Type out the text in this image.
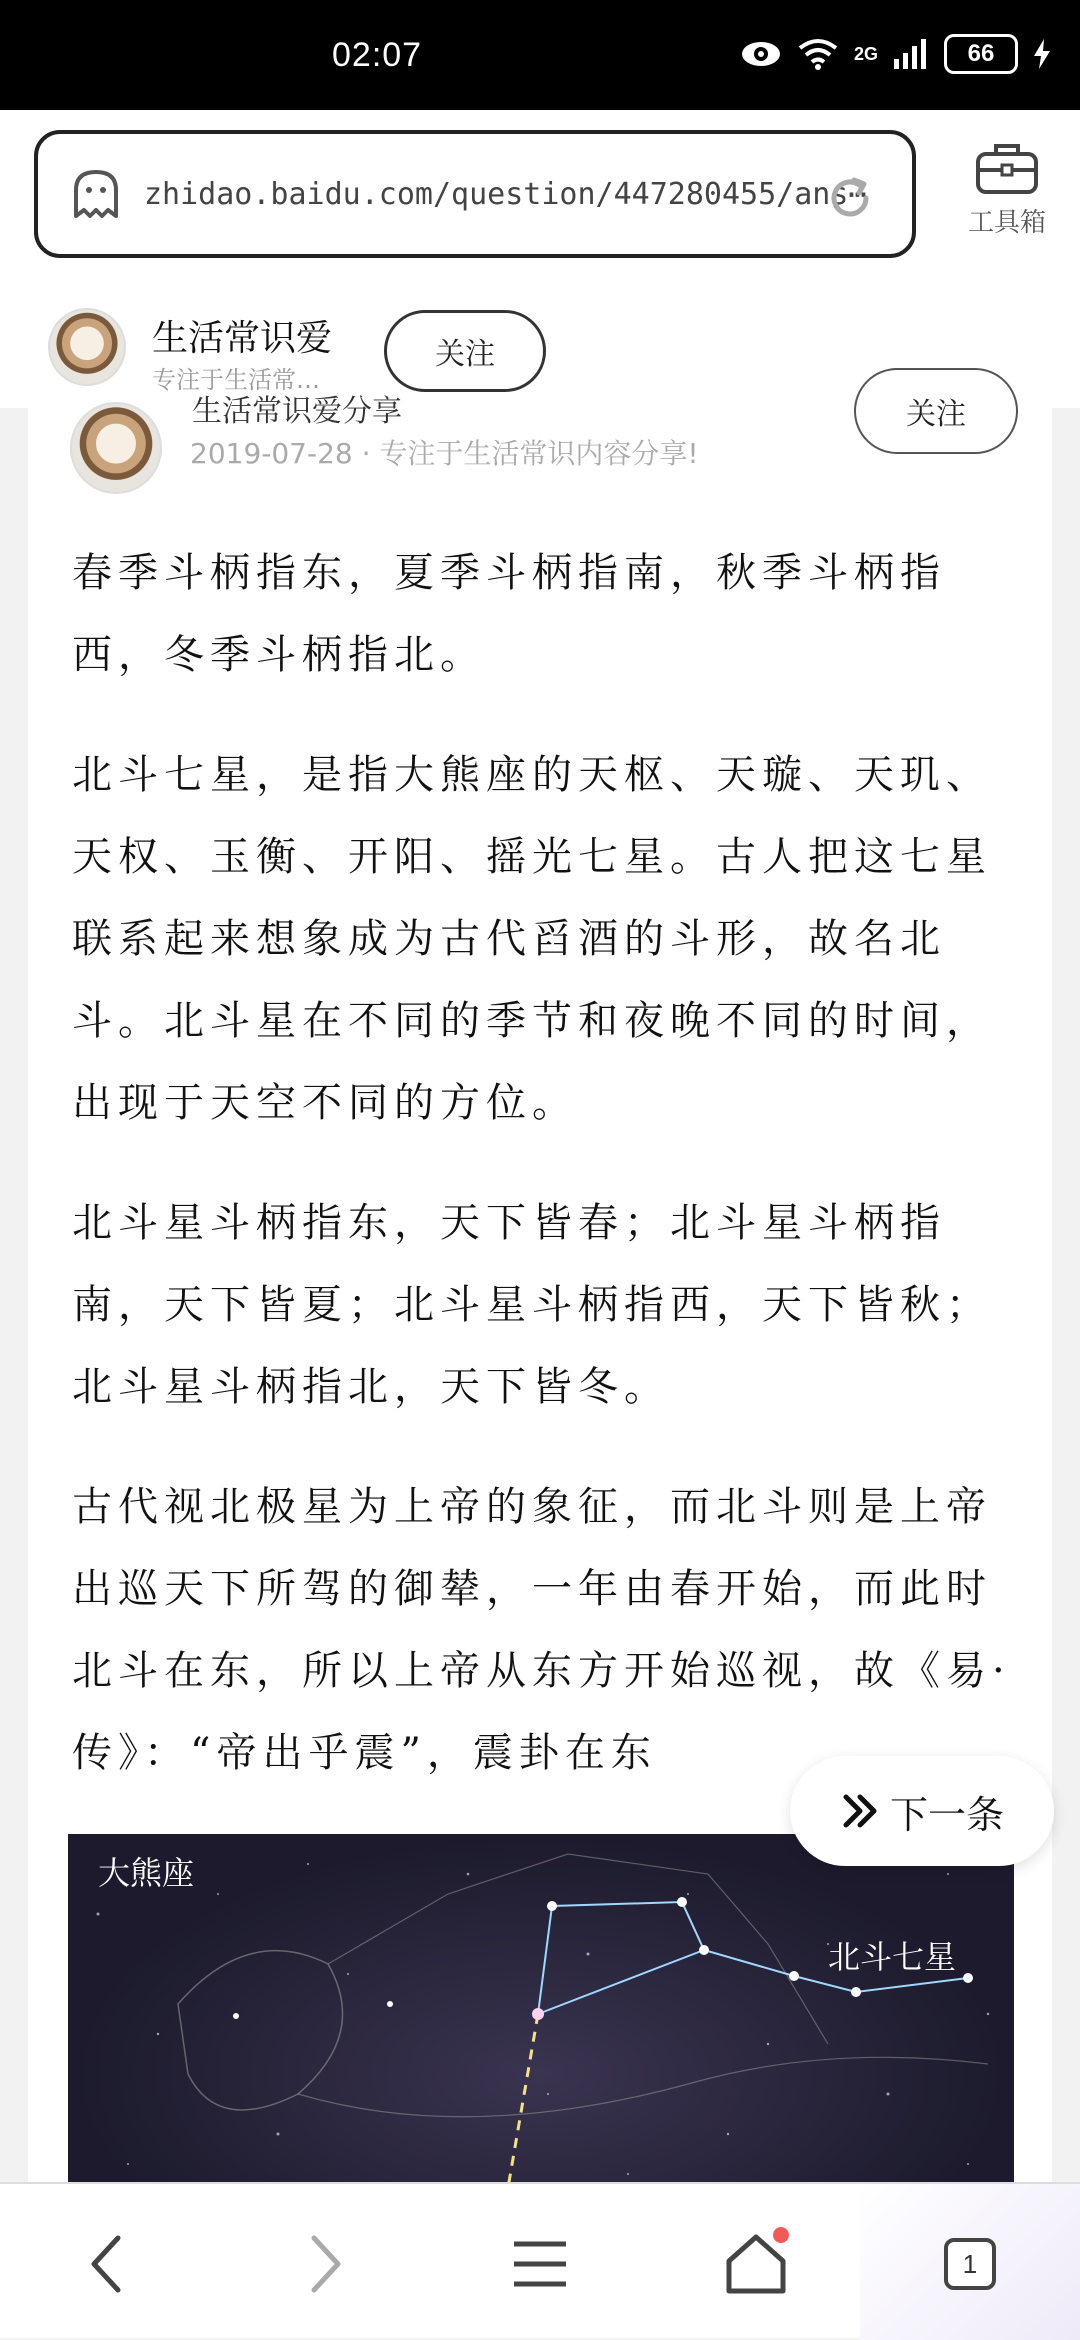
02:07	2G	66
zhidao.baidu.com/question/447280455/ans⋯
工具箱
生活常识爱
专注于生活常…
关注
生活常识爱分享
2019-07-28 · 专注于生活常识内容分享!
关注

春季斗柄指东，夏季斗柄指南，秋季斗柄指西，冬季斗柄指北。

北斗七星，是指大熊座的天枢、天璇、天玑、天权、玉衡、开阳、摇光七星。古人把这七星联系起来想象成为古代舀酒的斗形，故名北斗。北斗星在不同的季节和夜晚不同的时间，出现于天空不同的方位。

北斗星斗柄指东，天下皆春；北斗星斗柄指南，天下皆夏；北斗星斗柄指西，天下皆秋；北斗星斗柄指北，天下皆冬。

古代视北极星为上帝的象征，而北斗则是上帝出巡天下所驾的御辇，一年由春开始，而此时北斗在东，所以上帝从东方开始巡视，故《易·传》：“帝出乎震”，震卦在东

大熊座
北斗七星
下一条
1
